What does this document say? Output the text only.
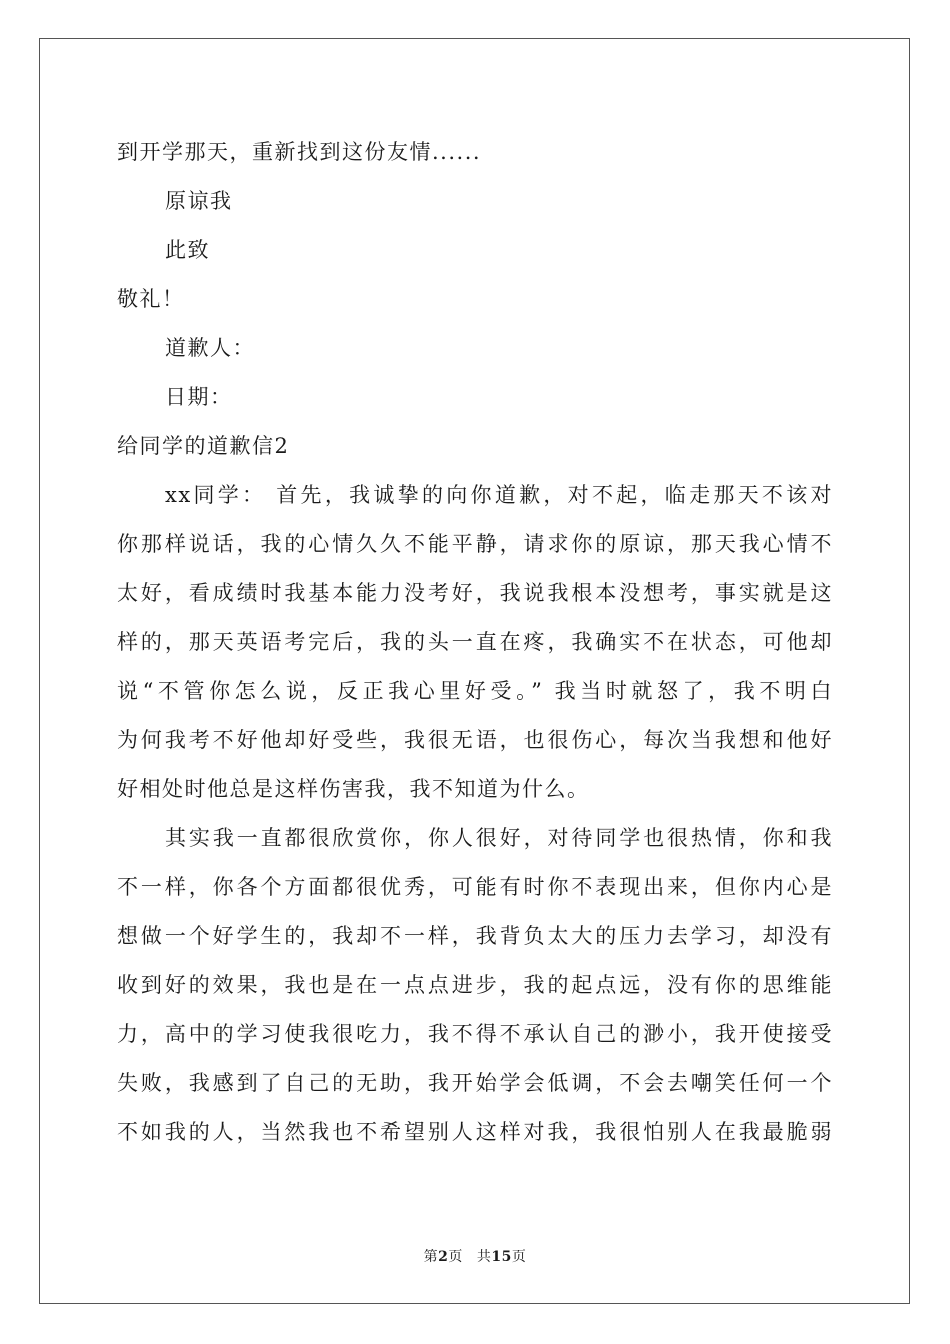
到开学那天，重新找到这份友情......
原谅我
此致
敬礼！
道歉人：
日期：
给同学的道歉信2
xx同学： 首先，我诚挚的向你道歉，对不起，临走那天不该对
你那样说话，我的心情久久不能平静，请求你的原谅，那天我心情不
太好，看成绩时我基本能力没考好，我说我根本没想考，事实就是这
样的，那天英语考完后，我的头一直在疼，我确实不在状态，可他却
说“不管你怎么说，反正我心里好受。” 我当时就怒了，我不明白
为何我考不好他却好受些，我很无语，也很伤心，每次当我想和他好
好相处时他总是这样伤害我，我不知道为什么。
其实我一直都很欣赏你，你人很好，对待同学也很热情，你和我
不一样，你各个方面都很优秀，可能有时你不表现出来，但你内心是
想做一个好学生的，我却不一样，我背负太大的压力去学习，却没有
收到好的效果，我也是在一点点进步，我的起点远，没有你的思维能
力，高中的学习使我很吃力，我不得不承认自己的渺小，我开使接受
失败，我感到了自己的无助，我开始学会低调，不会去嘲笑任何一个
不如我的人，当然我也不希望别人这样对我，我很怕别人在我最脆弱
第2页 共15页
